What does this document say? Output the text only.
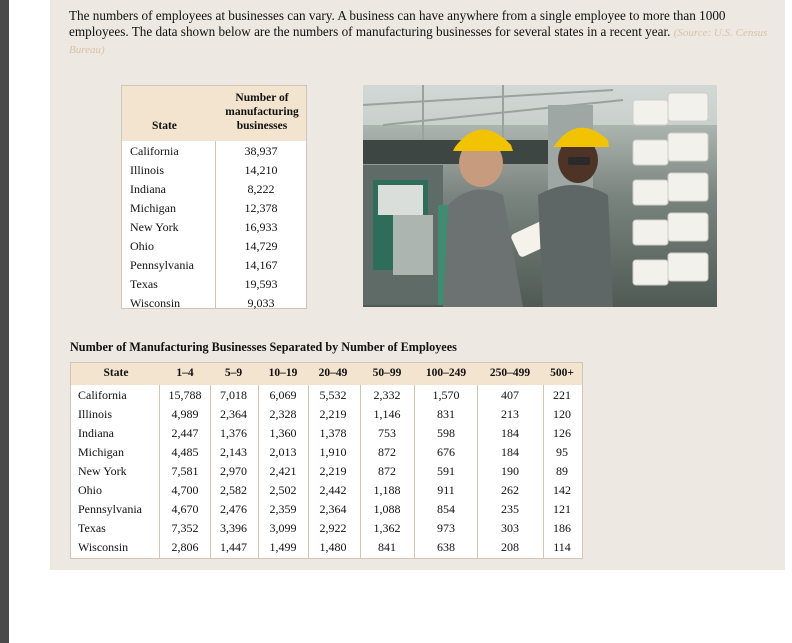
The numbers of employees at businesses can vary. A business can have anywhere from a single employee to more than 1000 employees. The data shown below are the numbers of manufacturing businesses for several states in a recent year. (Source: U.S. Census Bureau)
State
Number of manufacturing businesses
California	38,937
Illinois	14,210
Indiana	8,222
Michigan	12,378
New York	16,933
Ohio	14,729
Pennsylvania	14,167
Texas	19,593
Wisconsin	9,033
Number of Manufacturing Businesses Separated by Number of Employees
State	1–4	5–9	10–19	20–49	50–99	100–249	250–499	500+
California	15,788	7,018	6,069	5,532	2,332	1,570	407	221
Illinois	4,989	2,364	2,328	2,219	1,146	831	213	120
Indiana	2,447	1,376	1,360	1,378	753	598	184	126
Michigan	4,485	2,143	2,013	1,910	872	676	184	95
New York	7,581	2,970	2,421	2,219	872	591	190	89
Ohio	4,700	2,582	2,502	2,442	1,188	911	262	142
Pennsylvania	4,670	2,476	2,359	2,364	1,088	854	235	121
Texas	7,352	3,396	3,099	2,922	1,362	973	303	186
Wisconsin	2,806	1,447	1,499	1,480	841	638	208	114
